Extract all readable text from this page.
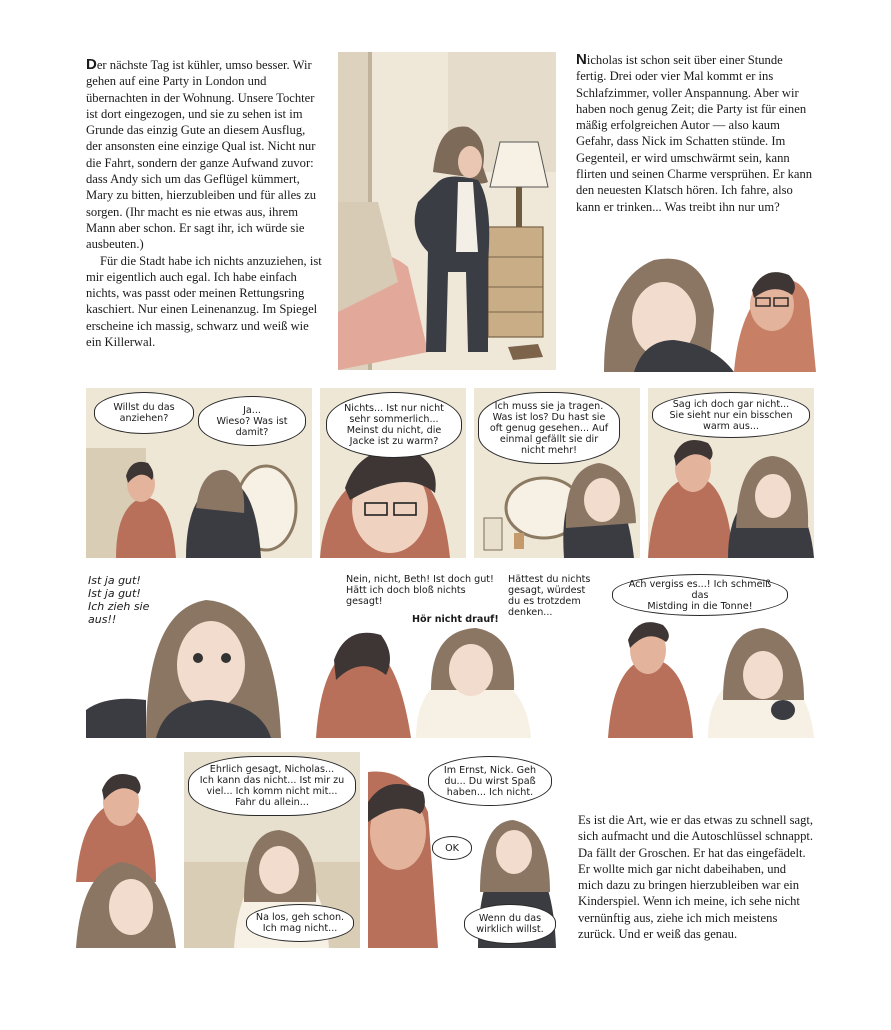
Der nächste Tag ist kühler, umso besser. Wir gehen auf eine Party in London und übernachten in der Wohnung. Unsere Tochter ist dort eingezogen, und sie zu sehen ist im Grunde das einzig Gute an diesem Ausflug, der ansonsten eine einzige Qual ist. Nicht nur die Fahrt, sondern der ganze Aufwand zuvor: dass Andy sich um das Geflügel kümmert, Mary zu bitten, hierzubleiben und für alles zu sorgen. (Ihr macht es nie etwas aus, ihrem Mann aber schon. Er sagt ihr, ich würde sie ausbeuten.)

Für die Stadt habe ich nichts anzuziehen, ist mir eigentlich auch egal. Ich habe einfach nichts, was passt oder meinen Rettungsring kaschiert. Nur einen Leinenanzug. Im Spiegel erscheine ich massig, schwarz und weiß wie ein Killerwal.

Nicholas ist schon seit über einer Stunde fertig. Drei oder vier Mal kommt er ins Schlafzimmer, voller Anspannung. Aber wir haben noch genug Zeit; die Party ist für einen mäßig erfolgreichen Autor — also kaum Gefahr, dass Nick im Schatten stünde. Im Gegenteil, er wird umschwärmt sein, kann flirten und seinen Charme versprühen. Er kann den neuesten Klatsch hören. Ich fahre, also kann er trinken... Was treibt ihn nur um?

Willst du das
anziehen?
Ja...
Wieso? Was ist
damit?
Nichts... Ist nur nicht
sehr sommerlich...
Meinst du nicht, die
Jacke ist zu warm?
Ich muss sie ja tragen.
Was ist los? Du hast sie
oft genug gesehen... Auf
einmal gefällt sie dir
nicht mehr!
Sag ich doch gar nicht...
Sie sieht nur ein bisschen
warm aus...
Ist ja gut!
Ist ja gut!
Ich zieh sie
aus!!
Nein, nicht, Beth! Ist doch gut!
Hätt ich doch bloß nichts
gesagt!
Hör nicht drauf!
Hättest du nichts
gesagt, würdest
du es trotzdem
denken...
Ach vergiss es...! Ich schmeiß das
Mistding in die Tonne!
Ehrlich gesagt, Nicholas...
Ich kann das nicht... Ist mir zu
viel... Ich komm nicht mit...
Fahr du allein...
Na los, geh schon.
Ich mag nicht...
Im Ernst, Nick. Geh
du... Du wirst Spaß
haben... Ich nicht.
OK
Wenn du das
wirklich willst.

Es ist die Art, wie er das etwas zu schnell sagt, sich aufmacht und die Autoschlüssel schnappt. Da fällt der Groschen. Er hat das eingefädelt. Er wollte mich gar nicht dabeihaben, und mich dazu zu bringen hierzubleiben war ein Kinderspiel. Wenn ich meine, ich sehe nicht vernünftig aus, ziehe ich mich meistens zurück. Und er weiß das genau.
